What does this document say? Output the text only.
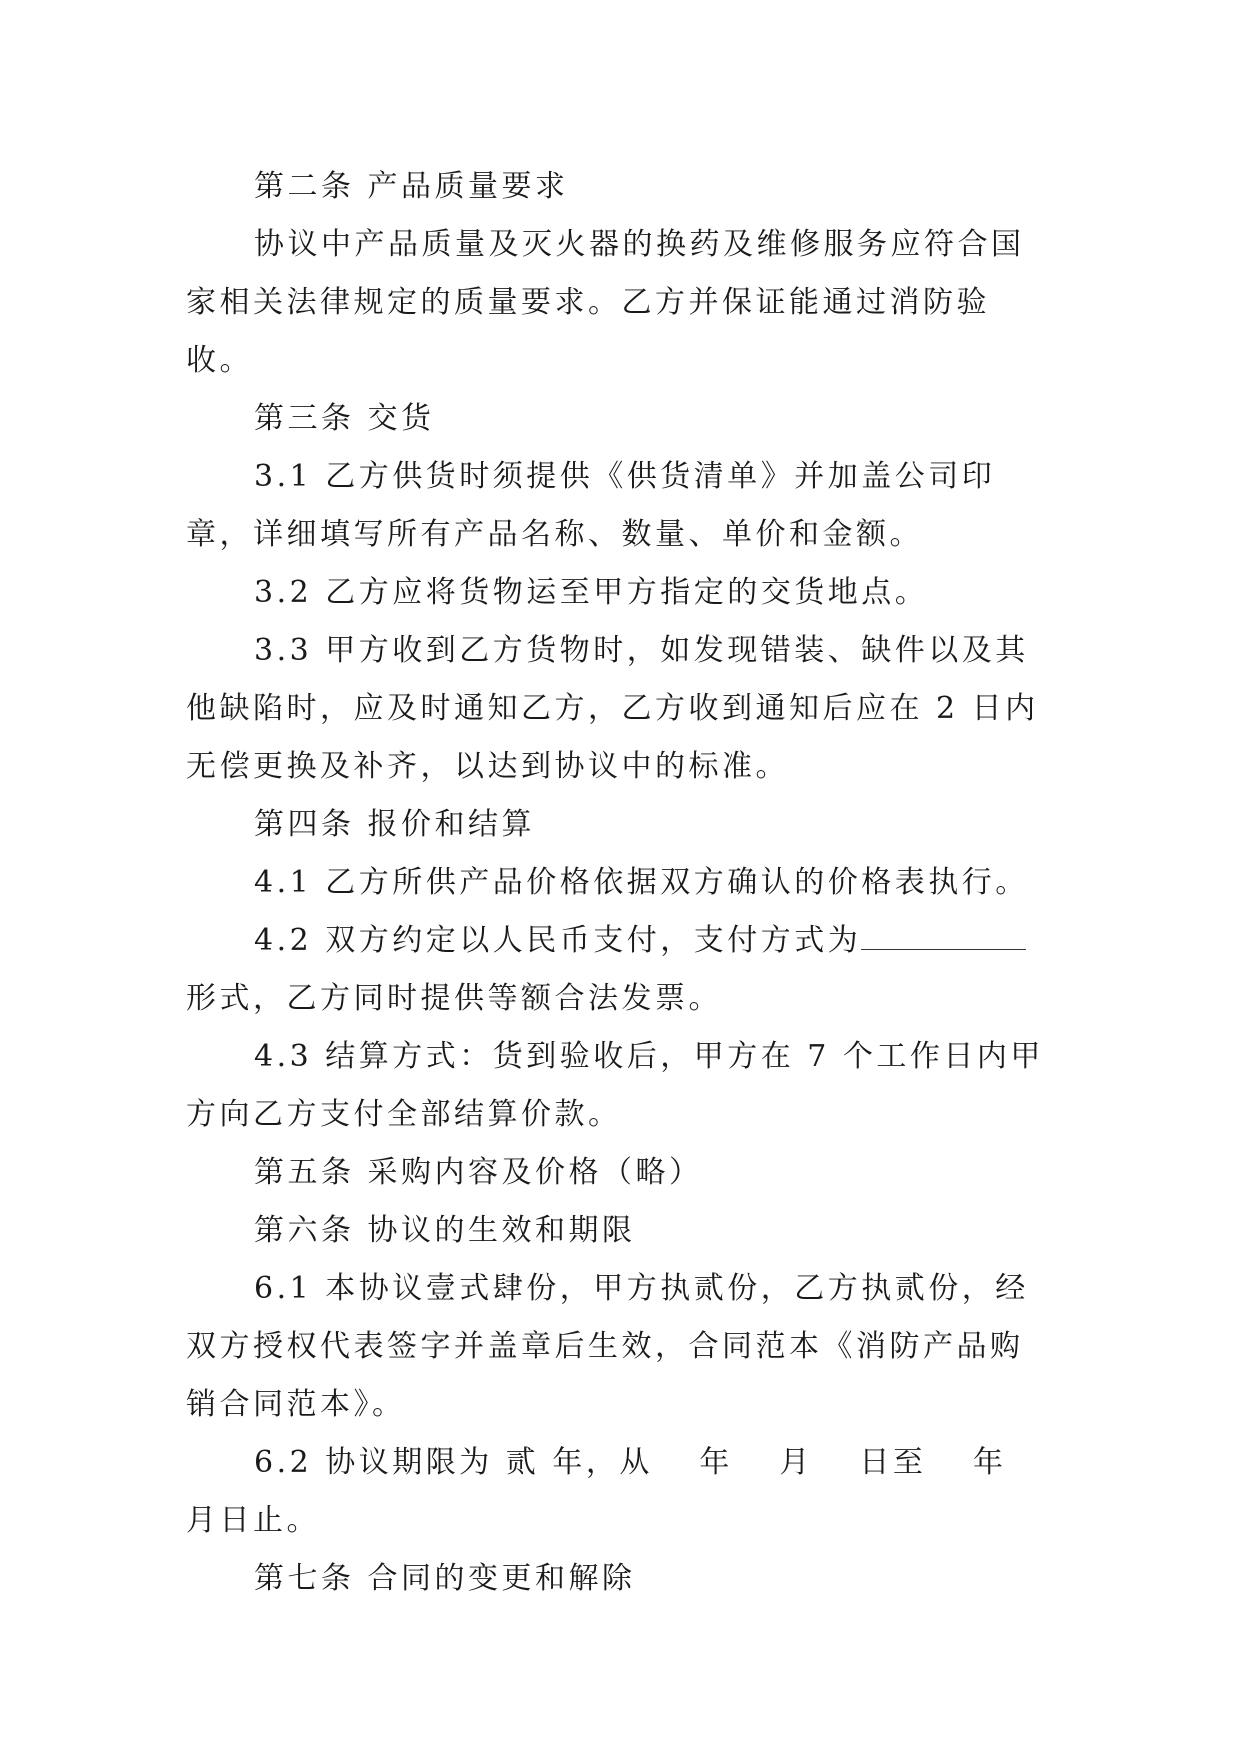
第二条 产品质量要求

协议中产品质量及灭火器的换药及维修服务应符合国家相关法律规定的质量要求。乙方并保证能通过消防验收。

第三条 交货

3.1 乙方供货时须提供《供货清单》并加盖公司印章，详细填写所有产品名称、数量、单价和金额。

3.2 乙方应将货物运至甲方指定的交货地点。

3.3 甲方收到乙方货物时，如发现错装、缺件以及其他缺陷时，应及时通知乙方，乙方收到通知后应在 2 日内无偿更换及补齐，以达到协议中的标准。

第四条 报价和结算

4.1 乙方所供产品价格依据双方确认的价格表执行。

4.2 双方约定以人民币支付，支付方式为形式，乙方同时提供等额合法发票。

4.3 结算方式：货到验收后，甲方在 7 个工作日内甲方向乙方支付全部结算价款。

第五条 采购内容及价格（略）

第六条 协议的生效和期限

6.1 本协议壹式肆份，甲方执贰份，乙方执贰份，经双方授权代表签字并盖章后生效，合同范本《消防产品购销合同范本》。

6.2 协议期限为 贰 年，从　 年　 月　 日至　 年　 月日止。

第七条 合同的变更和解除
